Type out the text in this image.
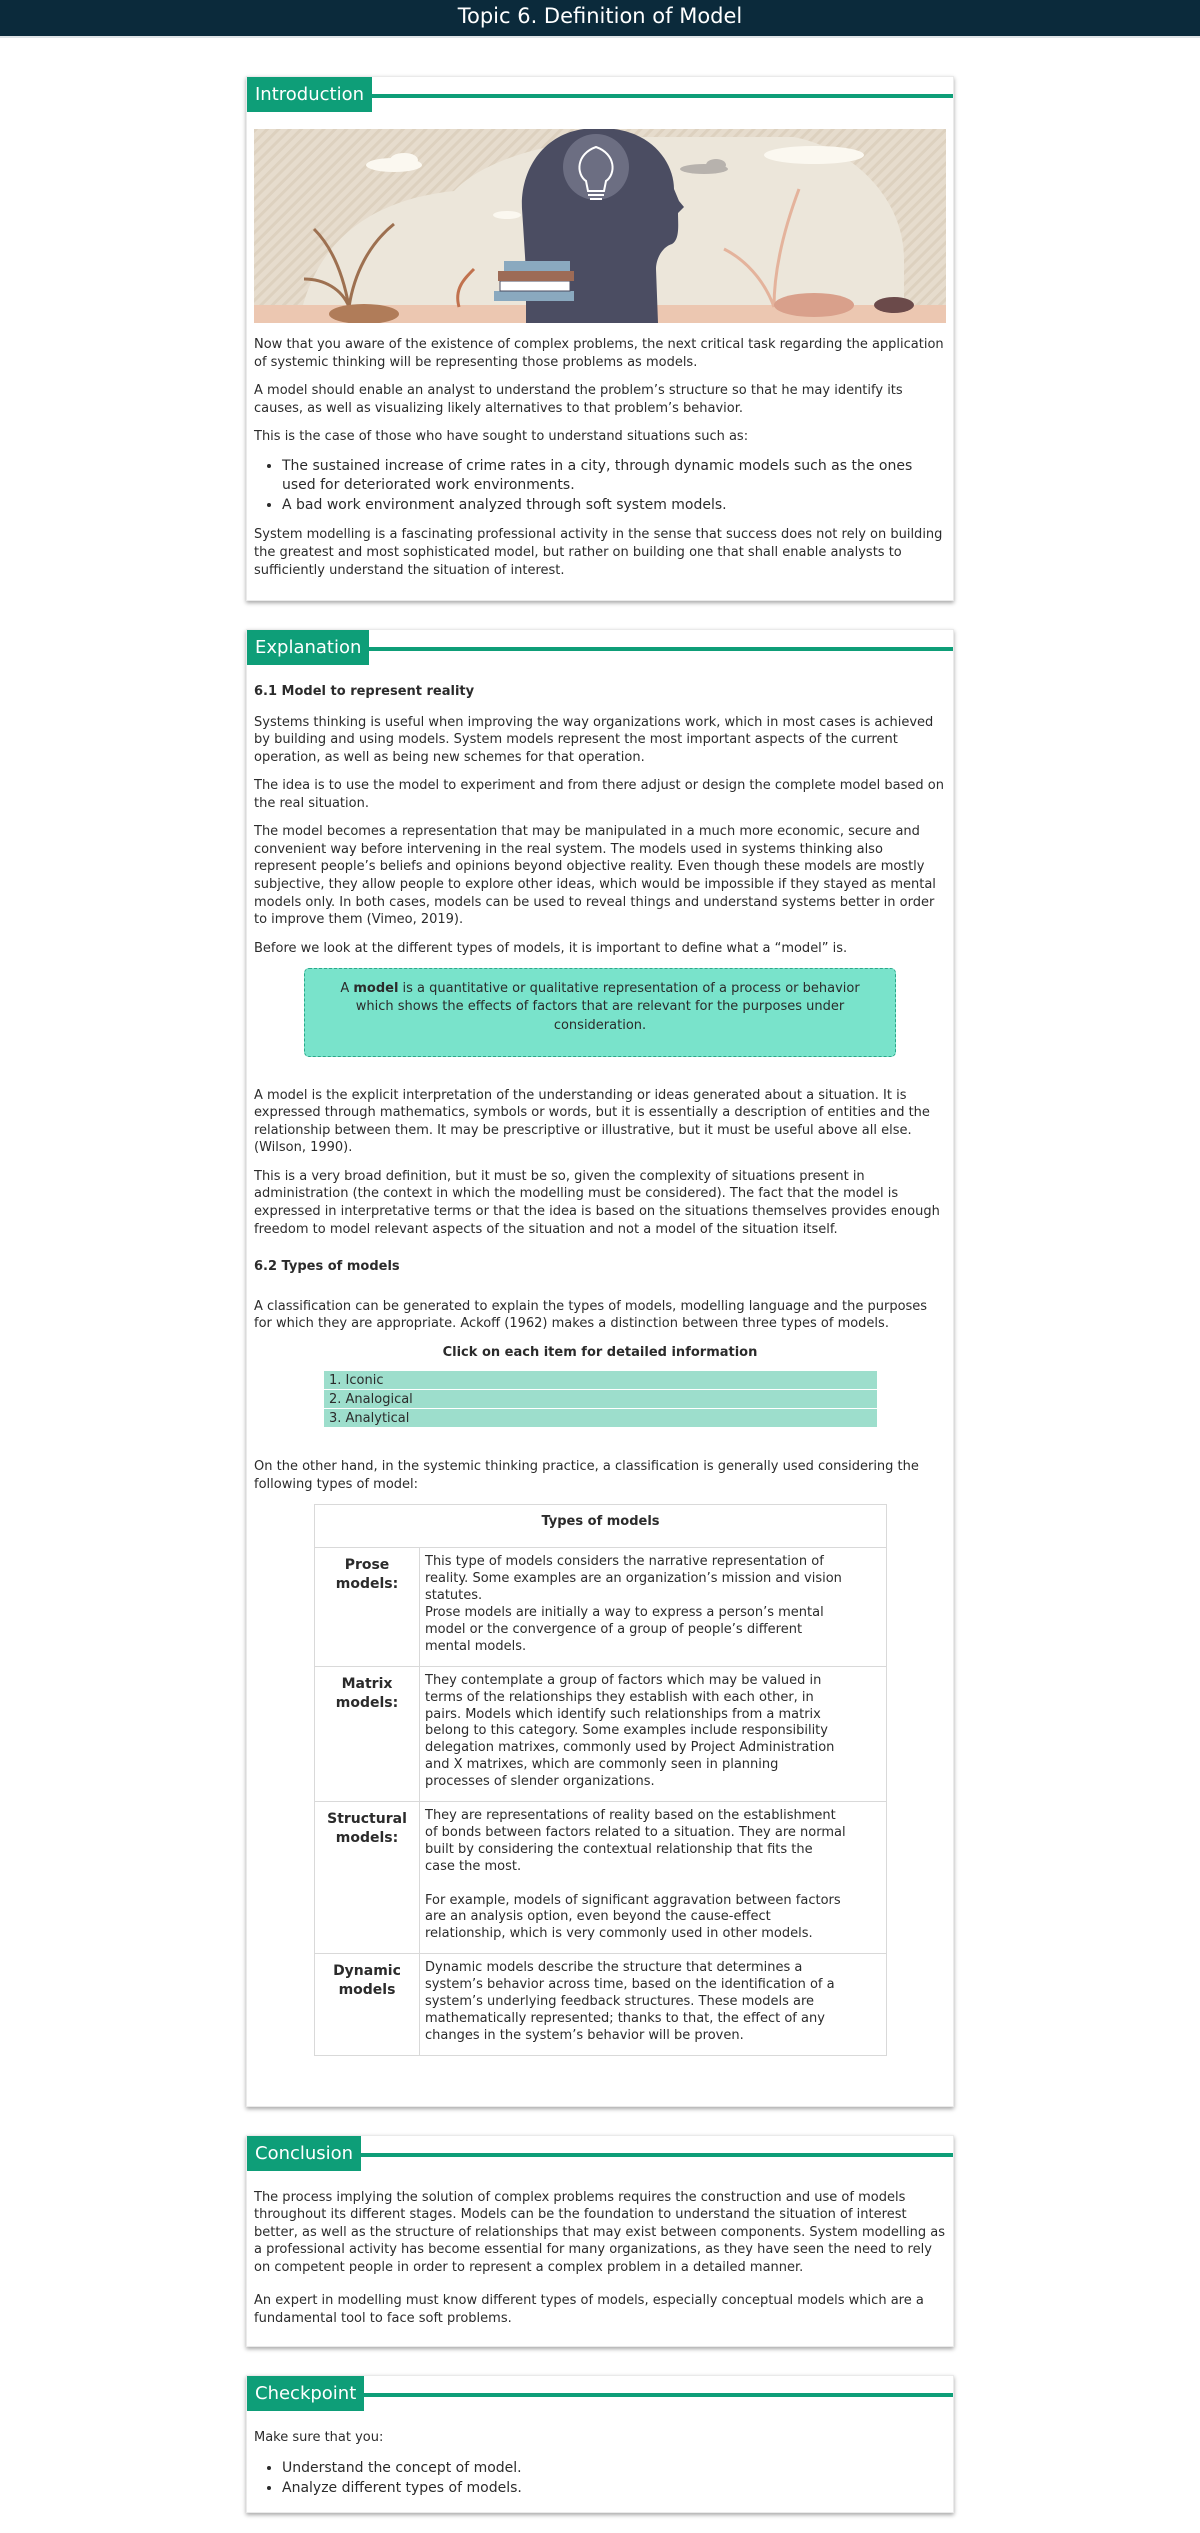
Topic 6. Definition of Model
Introduction

Now that you aware of the existence of complex problems, the next critical task regarding the application of systemic thinking will be representing those problems as models.

A model should enable an analyst to understand the problem’s structure so that he may identify its causes, as well as visualizing likely alternatives to that problem’s behavior.

This is the case of those who have sought to understand situations such as:

• The sustained increase of crime rates in a city, through dynamic models such as the ones used for deteriorated work environments.
• A bad work environment analyzed through soft system models.

System modelling is a fascinating professional activity in the sense that success does not rely on building the greatest and most sophisticated model, but rather on building one that shall enable analysts to sufficiently understand the situation of interest.

Explanation
6.1 Model to represent reality

Systems thinking is useful when improving the way organizations work, which in most cases is achieved by building and using models. System models represent the most important aspects of the current operation, as well as being new schemes for that operation.

The idea is to use the model to experiment and from there adjust or design the complete model based on the real situation.

The model becomes a representation that may be manipulated in a much more economic, secure and convenient way before intervening in the real system. The models used in systems thinking also represent people’s beliefs and opinions beyond objective reality. Even though these models are mostly subjective, they allow people to explore other ideas, which would be impossible if they stayed as mental models only. In both cases, models can be used to reveal things and understand systems better in order to improve them (Vimeo, 2019).

Before we look at the different types of models, it is important to define what a “model” is.

A model is a quantitative or qualitative representation of a process or behavior which shows the effects of factors that are relevant for the purposes under consideration.

A model is the explicit interpretation of the understanding or ideas generated about a situation. It is expressed through mathematics, symbols or words, but it is essentially a description of entities and the relationship between them. It may be prescriptive or illustrative, but it must be useful above all else. (Wilson, 1990).

This is a very broad definition, but it must be so, given the complexity of situations present in administration (the context in which the modelling must be considered). The fact that the model is expressed in interpretative terms or that the idea is based on the situations themselves provides enough freedom to model relevant aspects of the situation and not a model of the situation itself.

6.2 Types of models

A classification can be generated to explain the types of models, modelling language and the purposes for which they are appropriate. Ackoff (1962) makes a distinction between three types of models.

Click on each item for detailed information
1. Iconic
2. Analogical
3. Analytical

On the other hand, in the systemic thinking practice, a classification is generally used considering the following types of model:

Types of models	
Prose models:	This type of models considers the narrative representation of reality. Some examples are an organization’s mission and vision statutes.
Prose models are initially a way to express a person’s mental model or the convergence of a group of people’s different mental models.

Matrix models:	They contemplate a group of factors which may be valued in terms of the relationships they establish with each other, in pairs. Models which identify such relationships from a matrix belong to this category. Some examples include responsibility delegation matrixes, commonly used by Project Administration and X matrixes, which are commonly seen in planning processes of slender organizations.

Structural models:	They are representations of reality based on the establishment of bonds between factors related to a situation. They are normal built by considering the contextual relationship that fits the case the most.
For example, models of significant aggravation between factors are an analysis option, even beyond the cause-effect relationship, which is very commonly used in other models.

Dynamic models	Dynamic models describe the structure that determines a system’s behavior across time, based on the identification of a system’s underlying feedback structures. These models are mathematically represented; thanks to that, the effect of any changes in the system’s behavior will be proven.
Conclusion

The process implying the solution of complex problems requires the construction and use of models throughout its different stages. Models can be the foundation to understand the situation of interest better, as well as the structure of relationships that may exist between components. System modelling as a professional activity has become essential for many organizations, as they have seen the need to rely on competent people in order to represent a complex problem in a detailed manner.

An expert in modelling must know different types of models, especially conceptual models which are a fundamental tool to face soft problems.

Checkpoint

Make sure that you:

• Understand the concept of model.
• Analyze different types of models.
